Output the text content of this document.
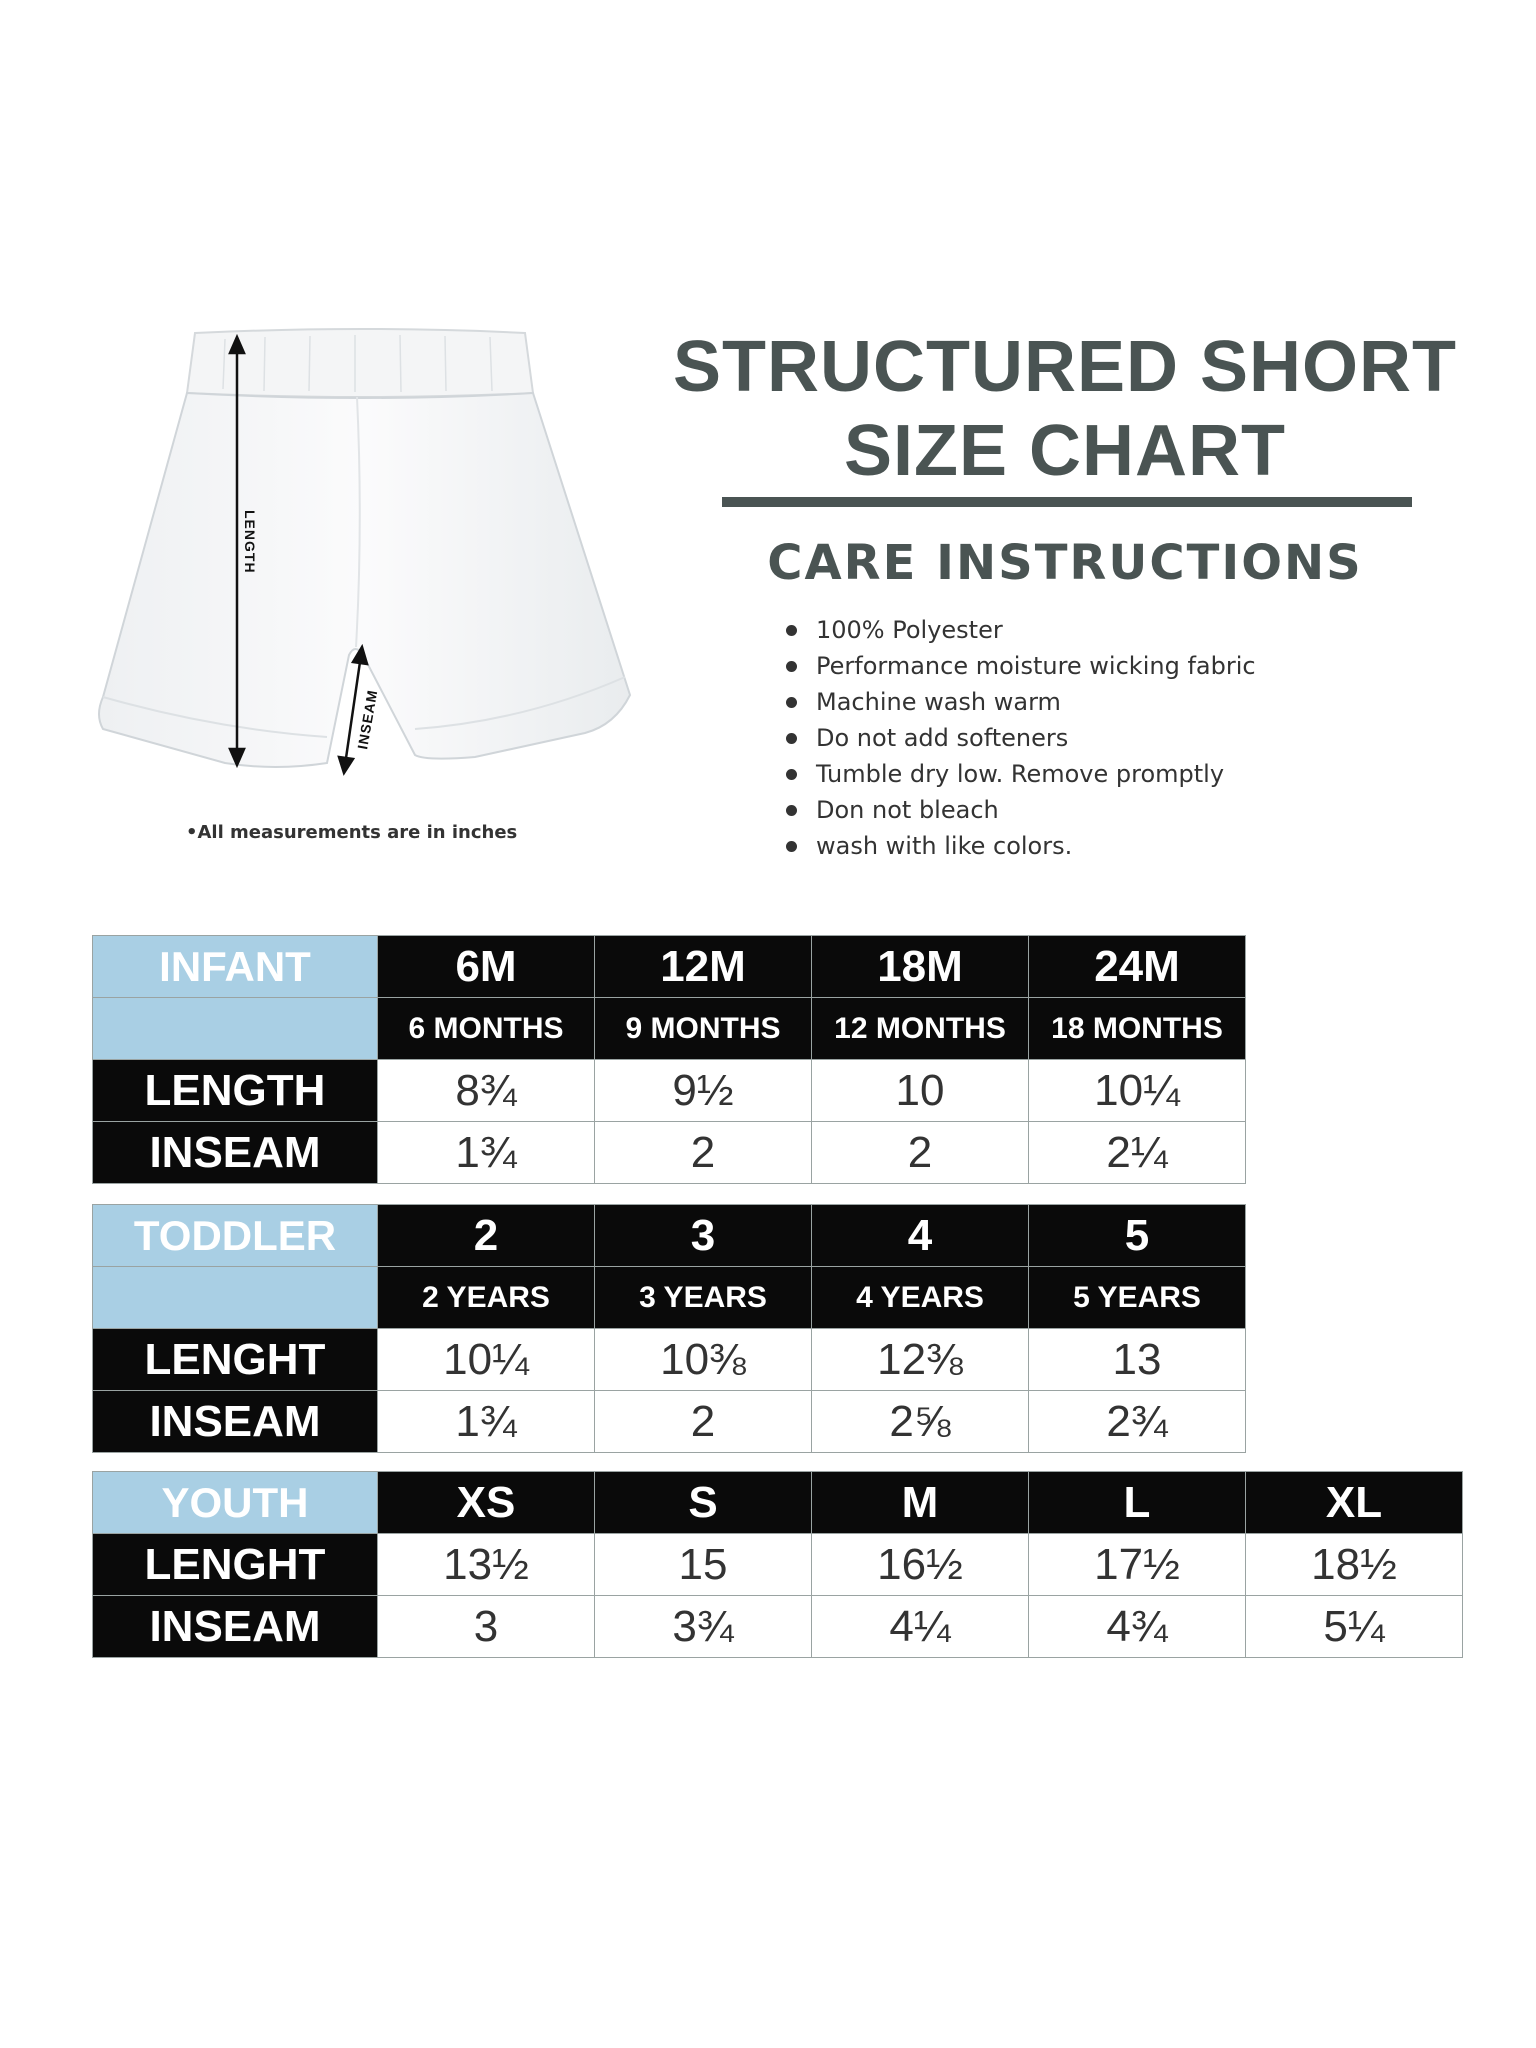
LENGTH
INSEAM
•All measurements are in inches
STRUCTURED SHORT
SIZE CHART
CARE INSTRUCTIONS
100% Polyester
Performance moisture wicking fabric
Machine wash warm
Do not add softeners
Tumble dry low. Remove promptly
Don not bleach
wash with like colors.
INFANT	6M	12M	18M	24M
	6 MONTHS	9 MONTHS	12 MONTHS	18 MONTHS
LENGTH	8¾	9½	10	10¼
INSEAM	1¾	2	2	2¼
TODDLER	2	3	4	5
	2 YEARS	3 YEARS	4 YEARS	5 YEARS
LENGHT	10¼	10⅜	12⅜	13
INSEAM	1¾	2	2⅝	2¾
YOUTH	XS	S	M	L	XL
LENGHT	13½	15	16½	17½	18½
INSEAM	3	3¾	4¼	4¾	5¼
